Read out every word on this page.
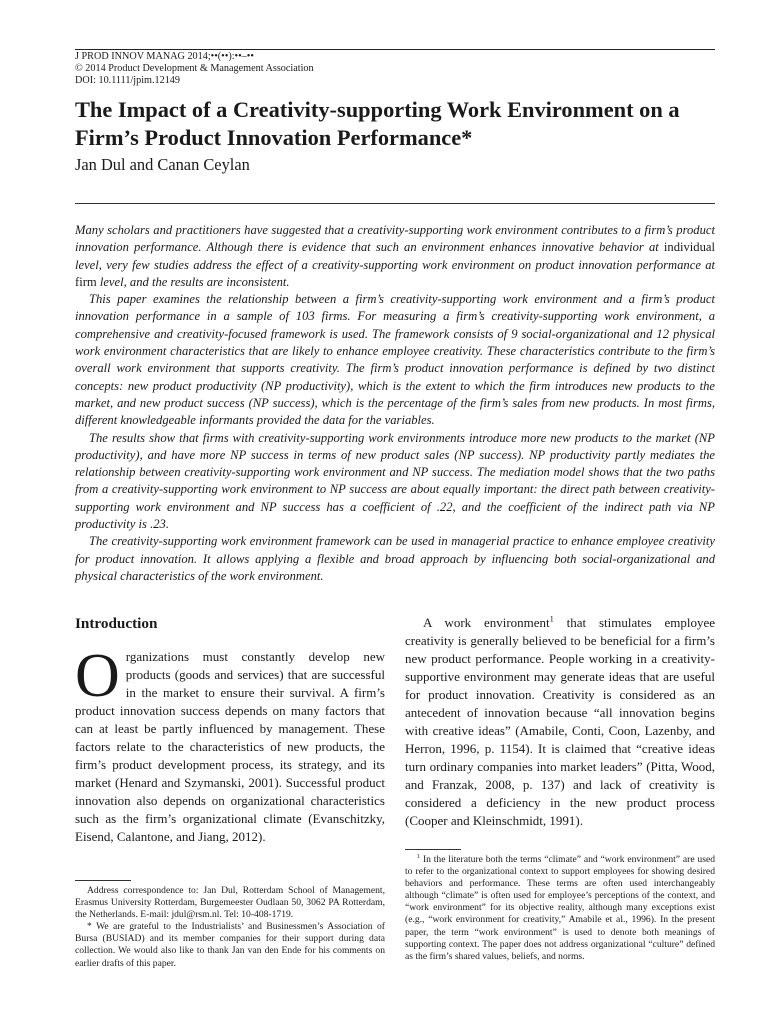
J PROD INNOV MANAG 2014;••(••):••–••
© 2014 Product Development & Management Association
DOI: 10.1111/jpim.12149
The Impact of a Creativity-supporting Work Environment on a Firm’s Product Innovation Performance*
Jan Dul and Canan Ceylan

Many scholars and practitioners have suggested that a creativity-supporting work environment contributes to a firm’s product innovation performance. Although there is evidence that such an environment enhances innovative behavior at individual level, very few studies address the effect of a creativity-supporting work environment on product innovation performance at firm level, and the results are inconsistent.

This paper examines the relationship between a firm’s creativity-supporting work environment and a firm’s product innovation performance in a sample of 103 firms. For measuring a firm’s creativity-supporting work environment, a comprehensive and creativity-focused framework is used. The framework consists of 9 social-organizational and 12 physical work environment characteristics that are likely to enhance employee creativity. These characteristics contribute to the firm’s overall work environment that supports creativity. The firm’s product innovation performance is defined by two distinct concepts: new product productivity (NP productivity), which is the extent to which the firm introduces new products to the market, and new product success (NP success), which is the percentage of the firm’s sales from new products. In most firms, different knowledgeable informants provided the data for the variables.

The results show that firms with creativity-supporting work environments introduce more new products to the market (NP productivity), and have more NP success in terms of new product sales (NP success). NP productivity partly mediates the relationship between creativity-supporting work environment and NP success. The mediation model shows that the two paths from a creativity-supporting work environment to NP success are about equally important: the direct path between creativity-supporting work environment and NP success has a coefficient of .22, and the coefficient of the indirect path via NP productivity is .23.

The creativity-supporting work environment framework can be used in managerial practice to enhance employee creativity for product innovation. It allows applying a flexible and broad approach by influencing both social-organizational and physical characteristics of the work environment.

Introduction

Organizations must constantly develop new products (goods and services) that are successful in the market to ensure their survival. A firm’s product innovation success depends on many factors that can at least be partly influenced by management. These factors relate to the characteristics of new products, the firm’s product development process, its strategy, and its market (Henard and Szymanski, 2001). Successful product innovation also depends on organizational characteristics such as the firm’s organizational climate (Evanschitzky, Eisend, Calantone, and Jiang, 2012).

Address correspondence to: Jan Dul, Rotterdam School of Management, Erasmus University Rotterdam, Burgemeester Oudlaan 50, 3062 PA Rotterdam, the Netherlands. E-mail: jdul@rsm.nl. Tel: 10-408-1719.

* We are grateful to the Industrialists’ and Businessmen’s Association of Bursa (BUSIAD) and its member companies for their support during data collection. We would also like to thank Jan van den Ende for his comments on earlier drafts of this paper.

A work environment$^1$ that stimulates employee creativity is generally believed to be beneficial for a firm’s new product performance. People working in a creativity-supportive environment may generate ideas that are useful for product innovation. Creativity is considered as an antecedent of innovation because “all innovation begins with creative ideas” (Amabile, Conti, Coon, Lazenby, and Herron, 1996, p. 1154). It is claimed that “creative ideas turn ordinary companies into market leaders” (Pitta, Wood, and Franzak, 2008, p. 137) and lack of creativity is considered a deficiency in the new product process (Cooper and Kleinschmidt, 1991).

$^1$ In the literature both the terms “climate” and “work environment” are used to refer to the organizational context to support employees for showing desired behaviors and performance. These terms are often used interchangeably although “climate” is often used for employee’s perceptions of the context, and “work environment” for its objective reality, although many exceptions exist (e.g., “work environment for creativity,” Amabile et al., 1996). In the present paper, the term “work environment” is used to denote both meanings of supporting context. The paper does not address organizational “culture” defined as the firm’s shared values, beliefs, and norms.
